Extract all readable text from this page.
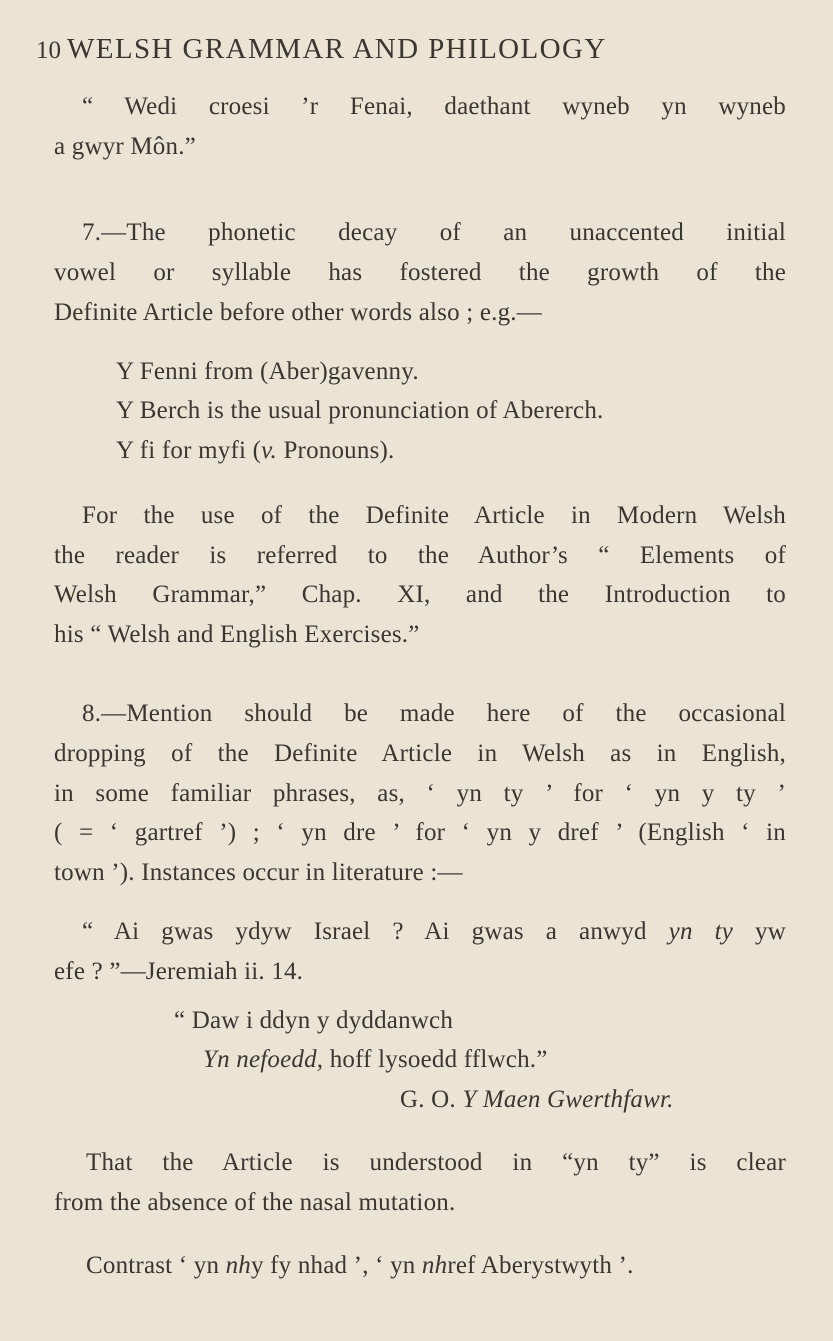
10 WELSH GRAMMAR AND PHILOLOGY
“ Wedi croesi ’r Fenai, daethant wyneb yn wyneb
a gwyr Môn.”
7.—The phonetic decay of an unaccented initial
vowel or syllable has fostered the growth of the
Definite Article before other words also ; e.g.—
Y Fenni from (Aber)gavenny.
Y Berch is the usual pronunciation of Abererch.
Y fi for myfi (v. Pronouns).
For the use of the Definite Article in Modern Welsh
the reader is referred to the Author’s “ Elements of
Welsh Grammar,” Chap. XI, and the Introduction to
his “ Welsh and English Exercises.”
8.—Mention should be made here of the occasional
dropping of the Definite Article in Welsh as in English,
in some familiar phrases, as, ‘ yn ty ’ for ‘ yn y ty ’
( = ‘ gartref ’) ; ‘ yn dre ’ for ‘ yn y dref ’ (English ‘ in
town ’). Instances occur in literature :—
“ Ai gwas ydyw Israel ? Ai gwas a anwyd yn ty yw
efe ? ”—Jeremiah ii. 14.
“ Daw i ddyn y dyddanwch
Yn nefoedd, hoff lysoedd fflwch.”
G. O. Y Maen Gwerthfawr.
That the Article is understood in “yn ty” is clear
from the absence of the nasal mutation.
Contrast ‘ yn nhy fy nhad ’, ‘ yn nhref Aberystwyth ’.
